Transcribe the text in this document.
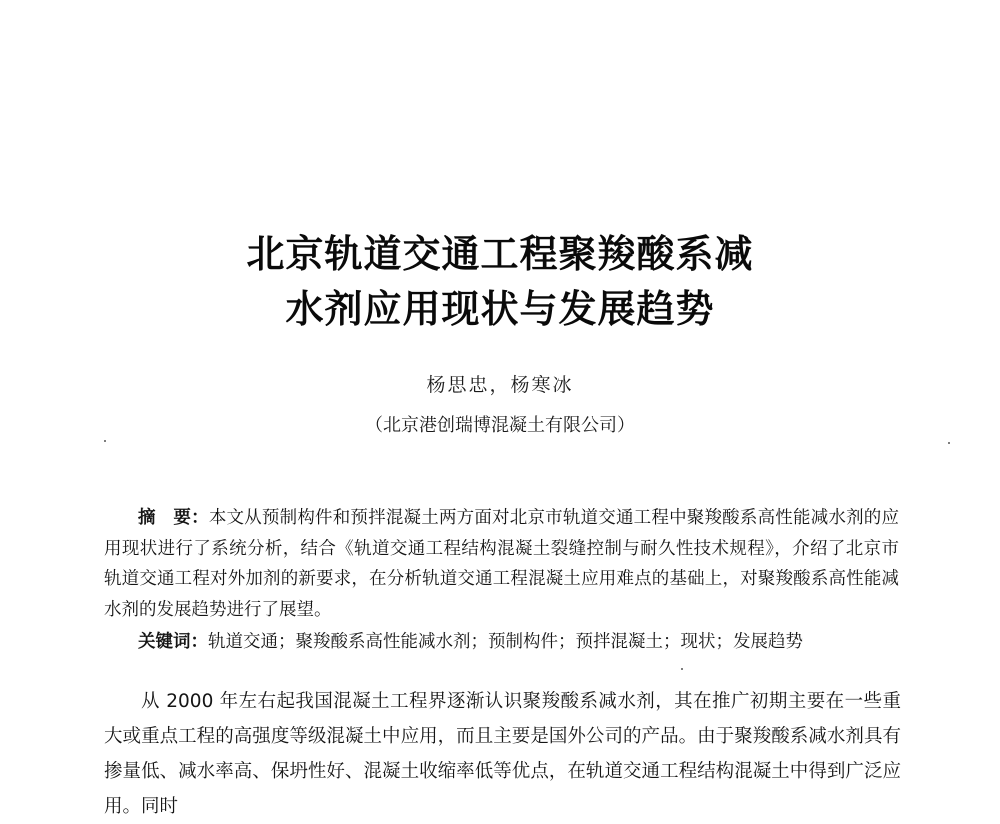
北京轨道交通工程聚羧酸系减
水剂应用现状与发展趋势
杨思忠，杨寒冰
（北京港创瑞博混凝土有限公司）
摘　要：本文从预制构件和预拌混凝土两方面对北京市轨道交通工程中聚羧酸系高性能减水剂的应用现状进行了系统分析，结合《轨道交通工程结构混凝土裂缝控制与耐久性技术规程》，介绍了北京市轨道交通工程对外加剂的新要求，在分析轨道交通工程混凝土应用难点的基础上，对聚羧酸系高性能减水剂的发展趋势进行了展望。
关键词：轨道交通；聚羧酸系高性能减水剂；预制构件；预拌混凝土；现状；发展趋势
从 2000 年左右起我国混凝土工程界逐渐认识聚羧酸系减水剂，其在推广初期主要在一些重大或重点工程的高强度等级混凝土中应用，而且主要是国外公司的产品。由于聚羧酸系减水剂具有掺量低、减水率高、保坍性好、混凝土收缩率低等优点，在轨道交通工程结构混凝土中得到广泛应用。同时
